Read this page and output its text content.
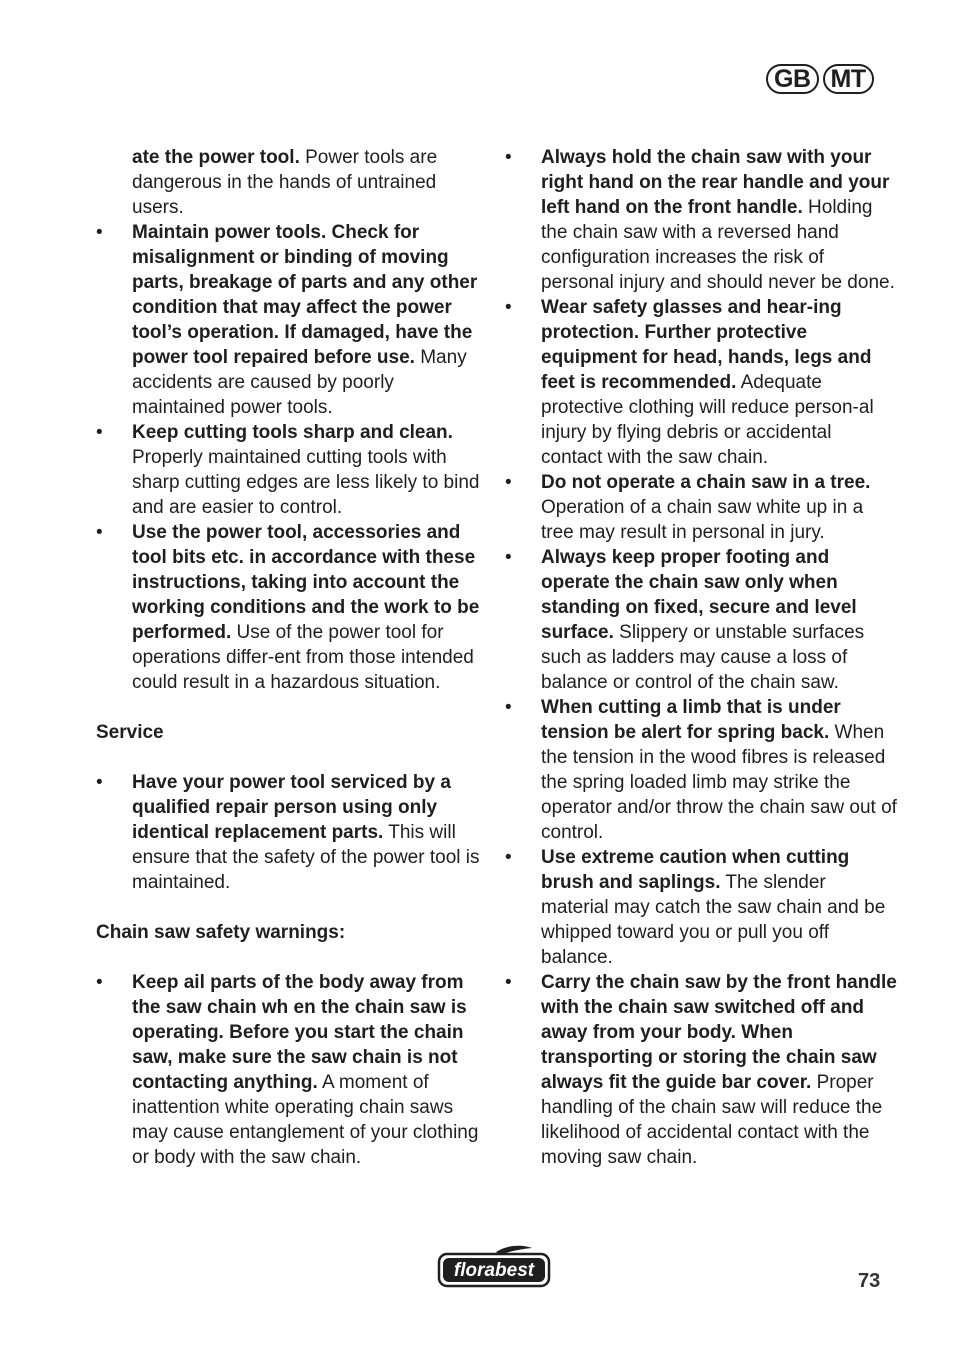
GB MT
ate the power tool. Power tools are dangerous in the hands of untrained users.
• Maintain power tools. Check for misalignment or binding of moving parts, breakage of parts and any other condition that may affect the power tool’s operation. If damaged, have the power tool repaired before use. Many accidents are caused by poorly maintained power tools.
• Keep cutting tools sharp and clean. Properly maintained cutting tools with sharp cutting edges are less likely to bind and are easier to control.
• Use the power tool, accessories and tool bits etc. in accordance with these instructions, taking into account the working conditions and the work to be performed. Use of the power tool for operations differ-ent from those intended could result in a hazardous situation.
Service
• Have your power tool serviced by a qualified repair person using only identical replacement parts. This will ensure that the safety of the power tool is maintained.
Chain saw safety warnings:
• Keep ail parts of the body away from the saw chain wh en the chain saw is operating. Before you start the chain saw, make sure the saw chain is not contacting anything. A moment of inattention white operating chain saws may cause entanglement of your clothing or body with the saw chain.
• Always hold the chain saw with your right hand on the rear handle and your left hand on the front handle. Holding the chain saw with a reversed hand configuration increases the risk of personal injury and should never be done.
• Wear safety glasses and hear-ing protection. Further protective equipment for head, hands, legs and feet is recommended. Adequate protective clothing will reduce person-al injury by flying debris or accidental contact with the saw chain.
• Do not operate a chain saw in a tree. Operation of a chain saw white up in a tree may result in personal in jury.
• Always keep proper footing and operate the chain saw only when standing on fixed, secure and level surface. Slippery or unstable surfaces such as ladders may cause a loss of balance or control of the chain saw.
• When cutting a limb that is under tension be alert for spring back. When the tension in the wood fibres is released the spring loaded limb may strike the operator and/or throw the chain saw out of control.
• Use extreme caution when cutting brush and saplings. The slender material may catch the saw chain and be whipped toward you or pull you off balance.
• Carry the chain saw by the front handle with the chain saw switched off and away from your body. When transporting or storing the chain saw always fit the guide bar cover. Proper handling of the chain saw will reduce the likelihood of accidental contact with the moving saw chain.
florabest	73
